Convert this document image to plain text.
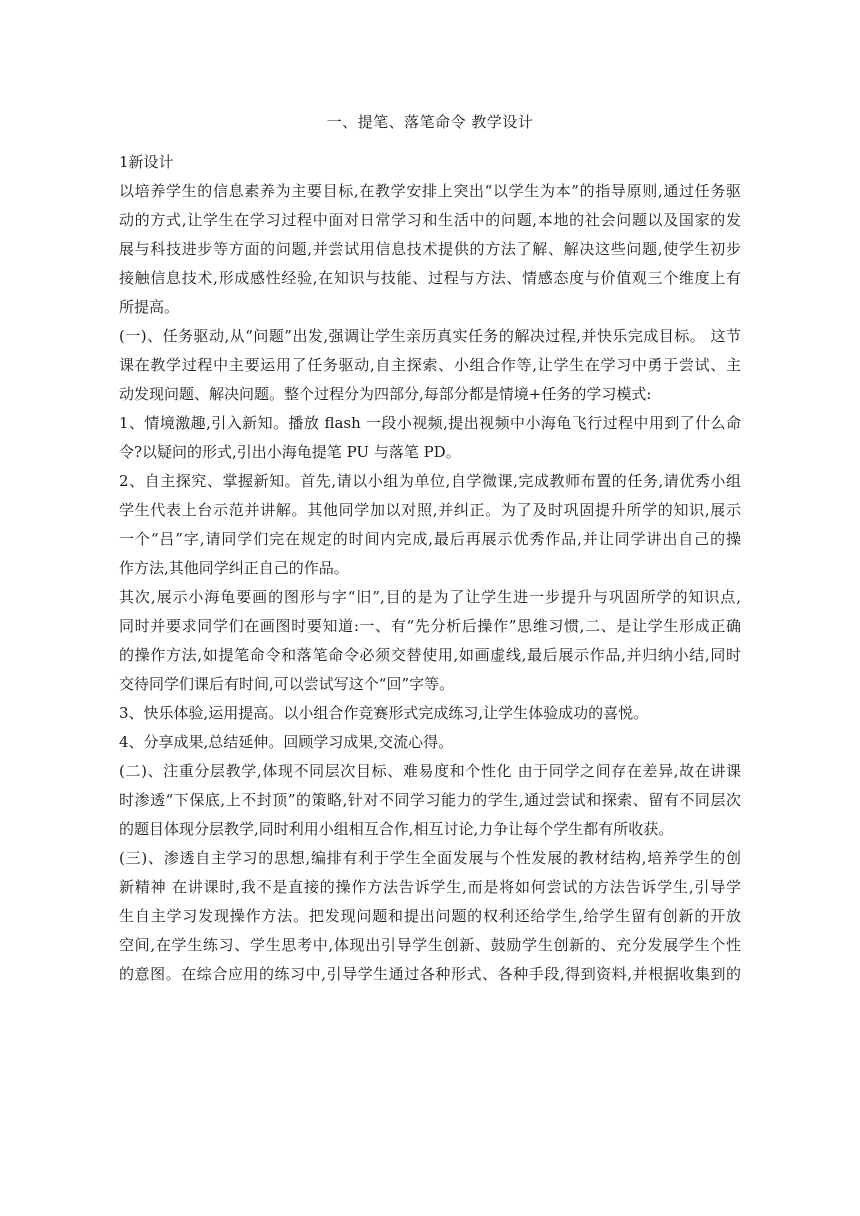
一、提笔、落笔命令 教学设计
1新设计
以培养学生的信息素养为主要目标,在教学安排上突出“以学生为本”的指导原则,通过任务驱
动的方式,让学生在学习过程中面对日常学习和生活中的问题,本地的社会问题以及国家的发
展与科技进步等方面的问题,并尝试用信息技术提供的方法了解、解决这些问题,使学生初步
接触信息技术,形成感性经验,在知识与技能、过程与方法、情感态度与价值观三个维度上有
所提高。
(一)、任务驱动,从“问题”出发,强调让学生亲历真实任务的解决过程,并快乐完成目标。 这节
课在教学过程中主要运用了任务驱动,自主探索、小组合作等,让学生在学习中勇于尝试、主
动发现问题、解决问题。整个过程分为四部分,每部分都是情境+任务的学习模式:
1、情境激趣,引入新知。播放 flash 一段小视频,提出视频中小海龟飞行过程中用到了什么命
令?以疑问的形式,引出小海龟提笔 PU 与落笔 PD。
2、自主探究、掌握新知。首先,请以小组为单位,自学微课,完成教师布置的任务,请优秀小组
学生代表上台示范并讲解。其他同学加以对照,并纠正。为了及时巩固提升所学的知识,展示
一个“吕”字,请同学们完在规定的时间内完成,最后再展示优秀作品,并让同学讲出自己的操
作方法,其他同学纠正自己的作品。
其次,展示小海龟要画的图形与字“旧”,目的是为了让学生进一步提升与巩固所学的知识点,
同时并要求同学们在画图时要知道:一、有“先分析后操作”思维习惯,二、是让学生形成正确
的操作方法,如提笔命令和落笔命令必须交替使用,如画虚线,最后展示作品,并归纳小结,同时
交待同学们课后有时间,可以尝试写这个“回”字等。
3、快乐体验,运用提高。以小组合作竞赛形式完成练习,让学生体验成功的喜悦。
4、分享成果,总结延伸。回顾学习成果,交流心得。
(二)、注重分层教学,体现不同层次目标、难易度和个性化 由于同学之间存在差异,故在讲课
时渗透“下保底,上不封顶”的策略,针对不同学习能力的学生,通过尝试和探索、留有不同层次
的题目体现分层教学,同时利用小组相互合作,相互讨论,力争让每个学生都有所收获。
(三)、渗透自主学习的思想,编排有利于学生全面发展与个性发展的教材结构,培养学生的创
新精神 在讲课时,我不是直接的操作方法告诉学生,而是将如何尝试的方法告诉学生,引导学
生自主学习发现操作方法。把发现问题和提出问题的权利还给学生,给学生留有创新的开放
空间,在学生练习、学生思考中,体现出引导学生创新、鼓励学生创新的、充分发展学生个性
的意图。在综合应用的练习中,引导学生通过各种形式、各种手段,得到资料,并根据收集到的
